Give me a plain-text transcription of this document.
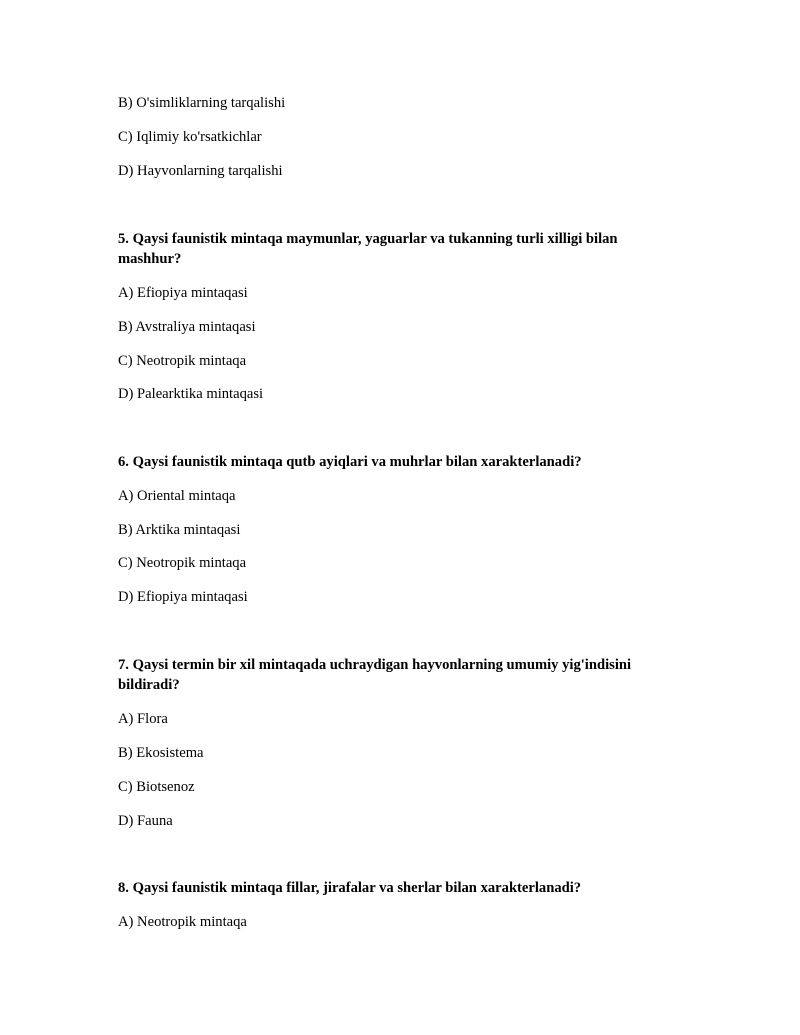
B) O'simliklarning tarqalishi
C) Iqlimiy ko'rsatkichlar
D) Hayvonlarning tarqalishi
5. Qaysi faunistik mintaqa maymunlar, yaguarlar va tukanning turli xilligi bilan
mashhur?
A) Efiopiya mintaqasi
B) Avstraliya mintaqasi
C) Neotropik mintaqa
D) Palearktika mintaqasi
6. Qaysi faunistik mintaqa qutb ayiqlari va muhrlar bilan xarakterlanadi?
A) Oriental mintaqa
B) Arktika mintaqasi
C) Neotropik mintaqa
D) Efiopiya mintaqasi
7. Qaysi termin bir xil mintaqada uchraydigan hayvonlarning umumiy yig'indisini
bildiradi?
A) Flora
B) Ekosistema
C) Biotsenoz
D) Fauna
8. Qaysi faunistik mintaqa fillar, jirafalar va sherlar bilan xarakterlanadi?
A) Neotropik mintaqa
